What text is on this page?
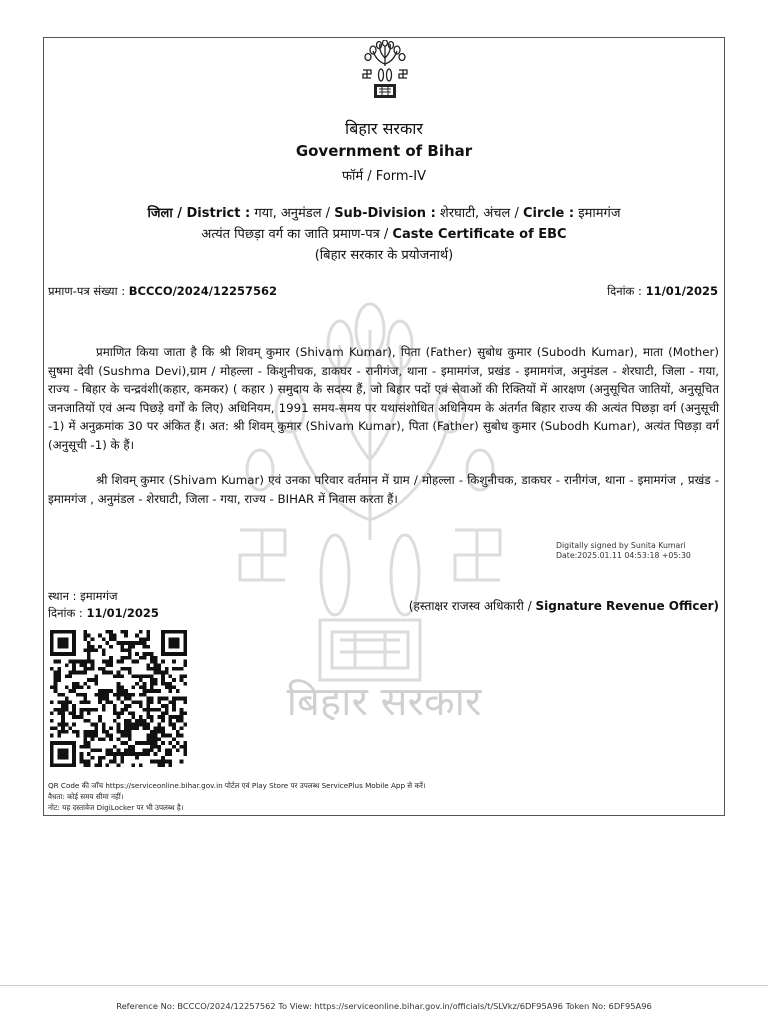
बिहार सरकार
बिहार सरकार
Government of Bihar
फॉर्म / Form-IV
जिला / District : गया, अनुमंडल / Sub-Division : शेरघाटी, अंचल / Circle : इमामगंज
अत्यंत पिछड़ा वर्ग का जाति प्रमाण-पत्र / Caste Certificate of EBC
(बिहार सरकार के प्रयोजनार्थ)
प्रमाण-पत्र संख्या : BCCCO/2024/12257562	दिनांक : 11/01/2025

प्रमाणित किया जाता है कि श्री शिवम् कुमार (Shivam Kumar), पिता (Father) सुबोध कुमार (Subodh Kumar), माता (Mother) सुषमा देवी (Sushma Devi),ग्राम / मोहल्ला - किशुनीचक, डाकघर - रानीगंज, थाना - इमामगंज, प्रखंड - इमामगंज, अनुमंडल - शेरघाटी, जिला - गया, राज्य - बिहार के चन्द्रवंशी(कहार, कमकर) ( कहार ) समुदाय के सदस्य हैं, जो बिहार पदों एवं सेवाओं की रिक्तियों में आरक्षण (अनुसूचित जातियों, अनुसूचित जनजातियों एवं अन्य पिछड़े वर्गों के लिए) अधिनियम, 1991 समय-समय पर यथासंशोधित अधिनियम के अंतर्गत बिहार राज्य की अत्यंत पिछड़ा वर्ग (अनुसूची -1) में अनुक्रमांक 30 पर अंकित हैं। अत: श्री शिवम् कुमार (Shivam Kumar), पिता (Father) सुबोध कुमार (Subodh Kumar), अत्यंत पिछड़ा वर्ग (अनुसूची -1) के हैं।

श्री शिवम् कुमार (Shivam Kumar) एवं उनका परिवार वर्तमान में ग्राम / मोहल्ला - किशुनीचक, डाकघर - रानीगंज, थाना - इमामगंज , प्रखंड - इमामगंज , अनुमंडल - शेरघाटी, जिला - गया, राज्य - BIHAR में निवास करता हैं।

Digitally signed by Sunita Kumari
Date:2025.01.11 04:53:18 +05:30
स्थान : इमामगंज
दिनांक : 11/01/2025	(हस्ताक्षर राजस्व अधिकारी / Signature Revenue Officer)
QR Code की जाँच https://serviceonline.bihar.gov.in पोर्टल एवं Play Store पर उपलब्ध ServicePlus Mobile App से करें।
वैधता: कोई समय सीमा नहीं।
नोट: यह दस्तावेज DigiLocker पर भी उपलब्ध है।
Reference No: BCCCO/2024/12257562 To View: https://serviceonline.bihar.gov.in/officials/t/SLVkz/6DF95A96 Token No: 6DF95A96
